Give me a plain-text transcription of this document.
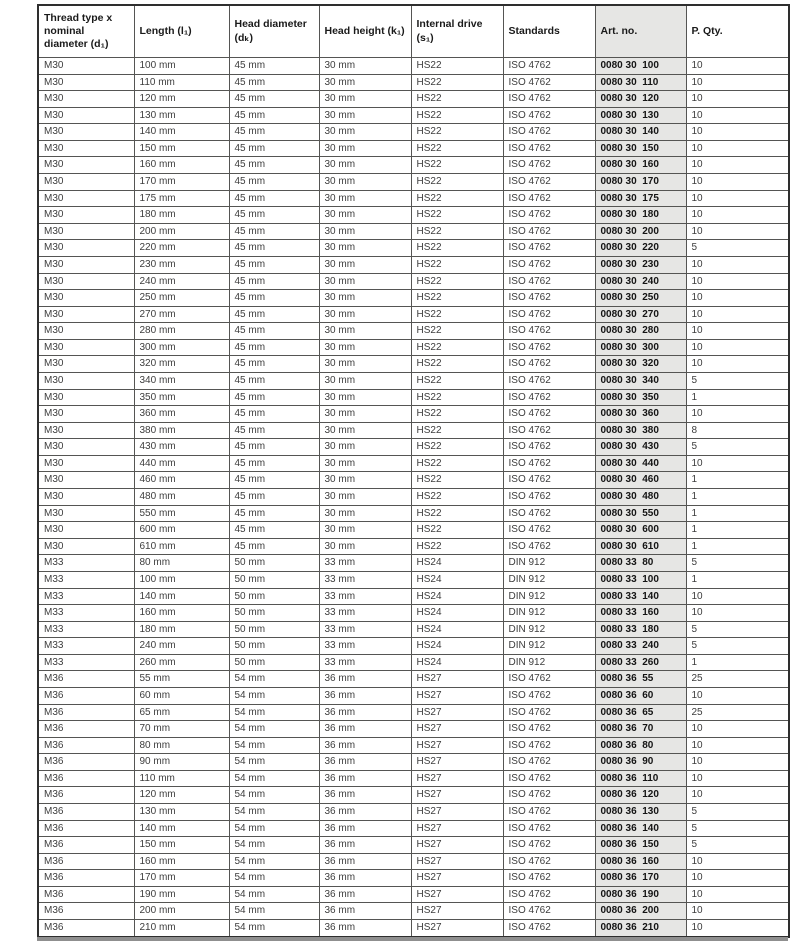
Thread type x nominal diameter (d₁)	Length (l₁)	Head diameter (dₖ)	Head height (k₁)	Internal drive (s₁)	Standards	Art. no.	P. Qty.
M30	100 mm	45 mm	30 mm	HS22	ISO 4762	0080 30  100	10
M30	110 mm	45 mm	30 mm	HS22	ISO 4762	0080 30  110	10
M30	120 mm	45 mm	30 mm	HS22	ISO 4762	0080 30  120	10
M30	130 mm	45 mm	30 mm	HS22	ISO 4762	0080 30  130	10
M30	140 mm	45 mm	30 mm	HS22	ISO 4762	0080 30  140	10
M30	150 mm	45 mm	30 mm	HS22	ISO 4762	0080 30  150	10
M30	160 mm	45 mm	30 mm	HS22	ISO 4762	0080 30  160	10
M30	170 mm	45 mm	30 mm	HS22	ISO 4762	0080 30  170	10
M30	175 mm	45 mm	30 mm	HS22	ISO 4762	0080 30  175	10
M30	180 mm	45 mm	30 mm	HS22	ISO 4762	0080 30  180	10
M30	200 mm	45 mm	30 mm	HS22	ISO 4762	0080 30  200	10
M30	220 mm	45 mm	30 mm	HS22	ISO 4762	0080 30  220	5
M30	230 mm	45 mm	30 mm	HS22	ISO 4762	0080 30  230	10
M30	240 mm	45 mm	30 mm	HS22	ISO 4762	0080 30  240	10
M30	250 mm	45 mm	30 mm	HS22	ISO 4762	0080 30  250	10
M30	270 mm	45 mm	30 mm	HS22	ISO 4762	0080 30  270	10
M30	280 mm	45 mm	30 mm	HS22	ISO 4762	0080 30  280	10
M30	300 mm	45 mm	30 mm	HS22	ISO 4762	0080 30  300	10
M30	320 mm	45 mm	30 mm	HS22	ISO 4762	0080 30  320	10
M30	340 mm	45 mm	30 mm	HS22	ISO 4762	0080 30  340	5
M30	350 mm	45 mm	30 mm	HS22	ISO 4762	0080 30  350	1
M30	360 mm	45 mm	30 mm	HS22	ISO 4762	0080 30  360	10
M30	380 mm	45 mm	30 mm	HS22	ISO 4762	0080 30  380	8
M30	430 mm	45 mm	30 mm	HS22	ISO 4762	0080 30  430	5
M30	440 mm	45 mm	30 mm	HS22	ISO 4762	0080 30  440	10
M30	460 mm	45 mm	30 mm	HS22	ISO 4762	0080 30  460	1
M30	480 mm	45 mm	30 mm	HS22	ISO 4762	0080 30  480	1
M30	550 mm	45 mm	30 mm	HS22	ISO 4762	0080 30  550	1
M30	600 mm	45 mm	30 mm	HS22	ISO 4762	0080 30  600	1
M30	610 mm	45 mm	30 mm	HS22	ISO 4762	0080 30  610	1
M33	80 mm	50 mm	33 mm	HS24	DIN 912	0080 33  80	5
M33	100 mm	50 mm	33 mm	HS24	DIN 912	0080 33  100	1
M33	140 mm	50 mm	33 mm	HS24	DIN 912	0080 33  140	10
M33	160 mm	50 mm	33 mm	HS24	DIN 912	0080 33  160	10
M33	180 mm	50 mm	33 mm	HS24	DIN 912	0080 33  180	5
M33	240 mm	50 mm	33 mm	HS24	DIN 912	0080 33  240	5
M33	260 mm	50 mm	33 mm	HS24	DIN 912	0080 33  260	1
M36	55 mm	54 mm	36 mm	HS27	ISO 4762	0080 36  55	25
M36	60 mm	54 mm	36 mm	HS27	ISO 4762	0080 36  60	10
M36	65 mm	54 mm	36 mm	HS27	ISO 4762	0080 36  65	25
M36	70 mm	54 mm	36 mm	HS27	ISO 4762	0080 36  70	10
M36	80 mm	54 mm	36 mm	HS27	ISO 4762	0080 36  80	10
M36	90 mm	54 mm	36 mm	HS27	ISO 4762	0080 36  90	10
M36	110 mm	54 mm	36 mm	HS27	ISO 4762	0080 36  110	10
M36	120 mm	54 mm	36 mm	HS27	ISO 4762	0080 36  120	10
M36	130 mm	54 mm	36 mm	HS27	ISO 4762	0080 36  130	5
M36	140 mm	54 mm	36 mm	HS27	ISO 4762	0080 36  140	5
M36	150 mm	54 mm	36 mm	HS27	ISO 4762	0080 36  150	5
M36	160 mm	54 mm	36 mm	HS27	ISO 4762	0080 36  160	10
M36	170 mm	54 mm	36 mm	HS27	ISO 4762	0080 36  170	10
M36	190 mm	54 mm	36 mm	HS27	ISO 4762	0080 36  190	10
M36	200 mm	54 mm	36 mm	HS27	ISO 4762	0080 36  200	10
M36	210 mm	54 mm	36 mm	HS27	ISO 4762	0080 36  210	10
